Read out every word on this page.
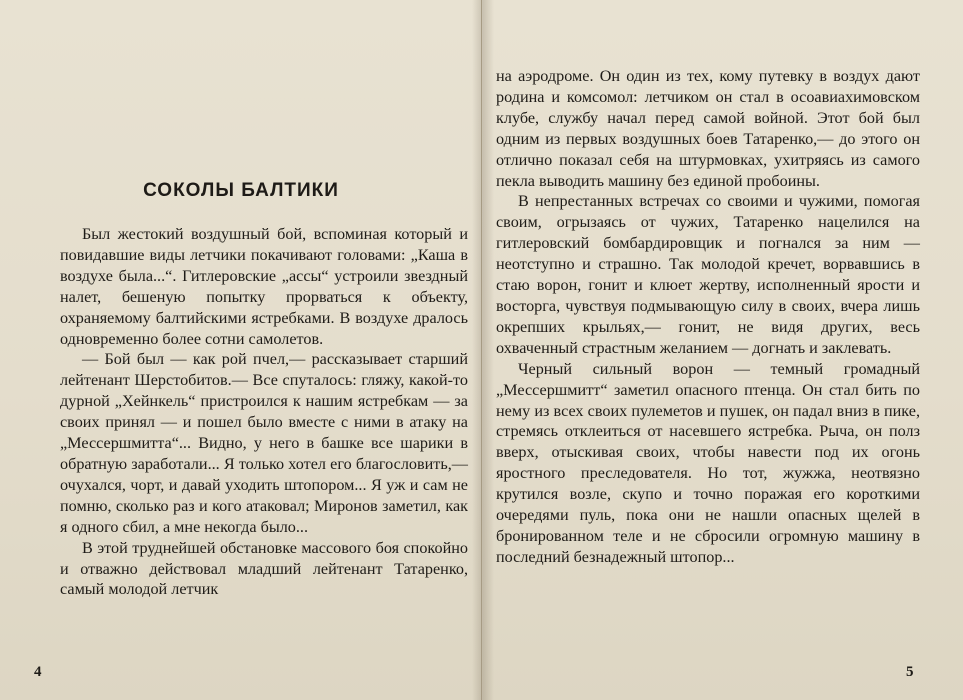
СОКОЛЫ БАЛТИКИ

Был жестокий воздушный бой, вспоминая который и повидавшие виды летчики покачивают головами: „Каша в воздухе была...“. Гитлеровские „ассы“ устроили звездный налет, бешеную попытку прорваться к объекту, охраняемому балтийскими ястребками. В воздухе дралось одновременно более сотни самолетов.

— Бой был — как рой пчел,— рассказывает старший лейтенант Шерстобитов.— Все спуталось: гляжу, какой-то дурной „Хейнкель“ пристроился к нашим ястребкам — за своих принял — и пошел было вместе с ними в атаку на „Мессершмитта“... Видно, у него в башке все шарики в обратную заработали... Я только хотел его благословить,— очухался, чорт, и давай уходить штопором... Я уж и сам не помню, сколько раз и кого атаковал; Миронов заметил, как я одного сбил, а мне некогда было...

В этой труднейшей обстановке массового боя спокойно и отважно действовал младший лейтенант Татаренко, самый молодой летчик

4

на аэродроме. Он один из тех, кому путевку в воздух дают родина и комсомол: летчиком он стал в осоавиахимовском клубе, службу начал перед самой войной. Этот бой был одним из первых воздушных боев Татаренко,— до этого он отлично показал себя на штурмовках, ухитряясь из самого пекла выводить машину без единой пробоины.

В непрестанных встречах со своими и чужими, помогая своим, огрызаясь от чужих, Татаренко нацелился на гитлеровский бомбардировщик и погнался за ним — неотступно и страшно. Так молодой кречет, ворвавшись в стаю ворон, гонит и клюет жертву, исполненный ярости и восторга, чувствуя подмывающую силу в своих, вчера лишь окрепших крыльях,— гонит, не видя других, весь охваченный страстным желанием — догнать и заклевать.

Черный сильный ворон — темный громадный „Мессершмитт“ заметил опасного птенца. Он стал бить по нему из всех своих пулеметов и пушек, он падал вниз в пике, стремясь отклеиться от насевшего ястребка. Рыча, он полз вверх, отыскивая своих, чтобы навести под их огонь яростного преследователя. Но тот, жужжа, неотвязно крутился возле, скупо и точно поражая его короткими очередями пуль, пока они не нашли опасных щелей в бронированном теле и не сбросили огромную машину в последний безнадежный штопор...

5
